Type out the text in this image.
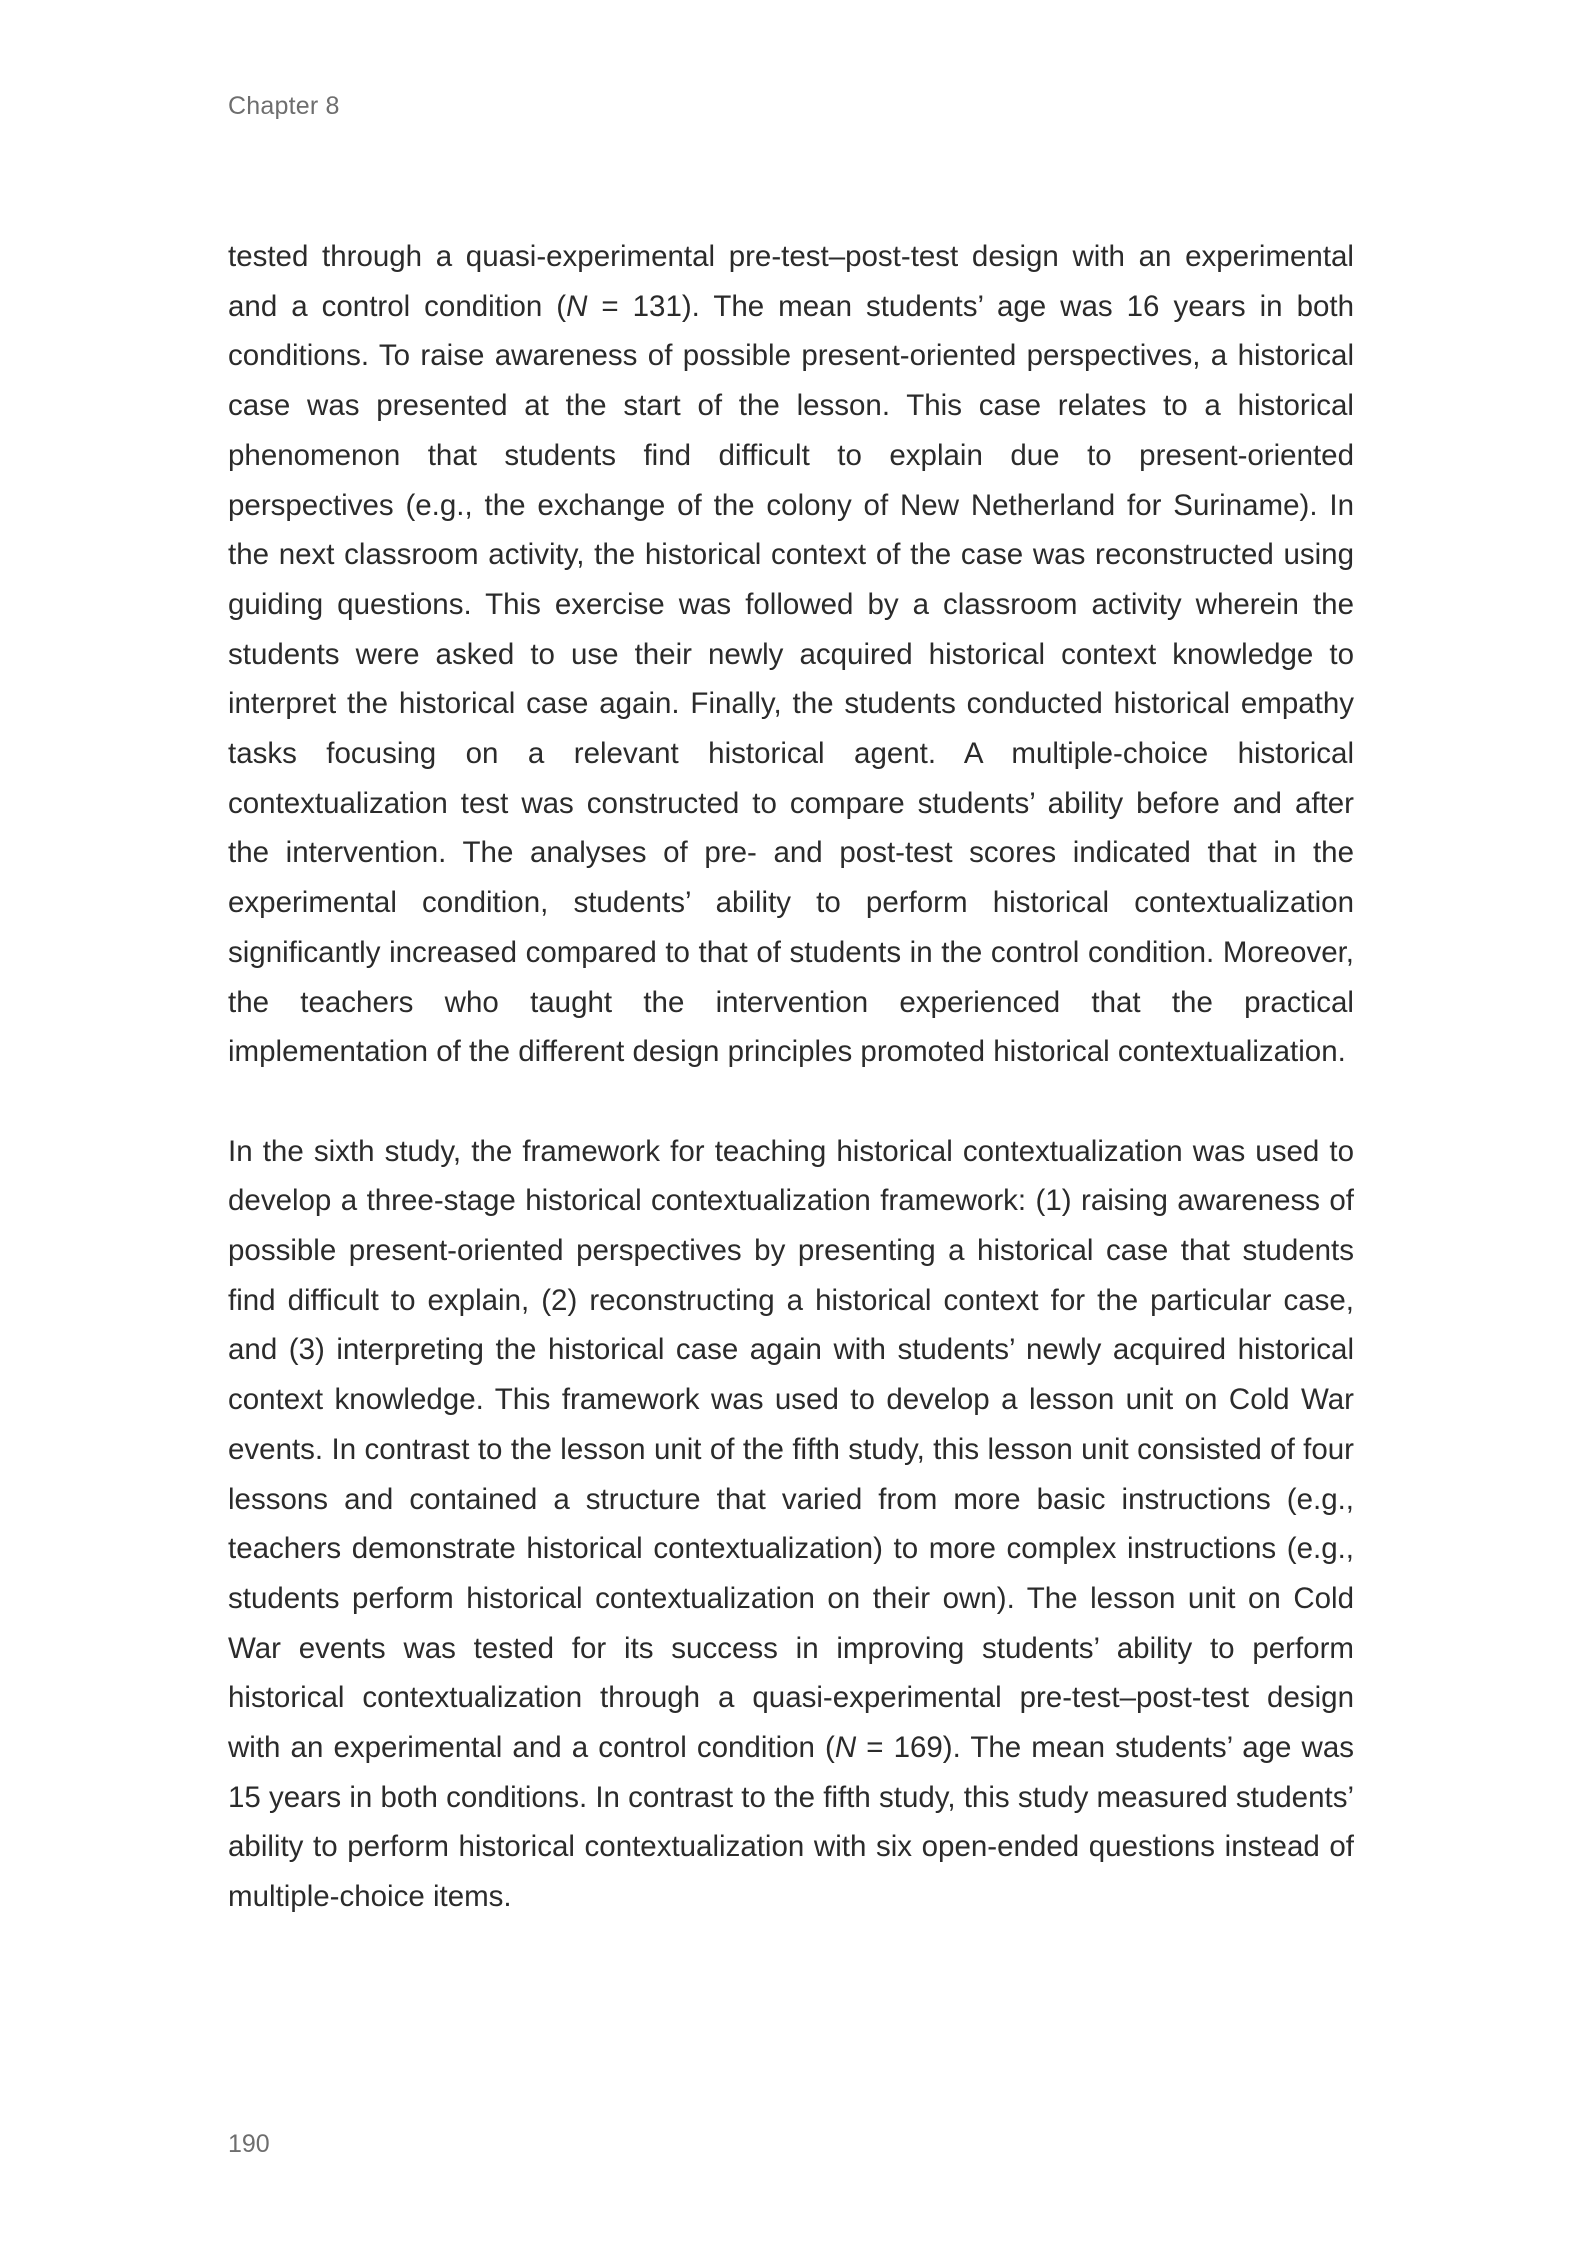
Chapter 8

tested through a quasi-experimental pre-test–post-test design with an experimental and a control condition (N = 131). The mean students’ age was 16 years in both conditions. To raise awareness of possible present-oriented perspectives, a historical case was presented at the start of the lesson. This case relates to a historical phenomenon that students find difficult to explain due to present-oriented perspectives (e.g., the exchange of the colony of New Netherland for Suriname). In the next classroom activity, the historical context of the case was reconstructed using guiding questions. This exercise was followed by a classroom activity wherein the students were asked to use their newly acquired historical context knowledge to interpret the historical case again. Finally, the students conducted historical empathy tasks focusing on a relevant historical agent. A multiple-choice historical contextualization test was constructed to compare students’ ability before and after the intervention. The analyses of pre- and post-test scores indicated that in the experimental condition, students’ ability to perform historical contextualization significantly increased compared to that of students in the control condition. Moreover, the teachers who taught the intervention experienced that the practical implementation of the different design principles promoted historical contextualization.

In the sixth study, the framework for teaching historical contextualization was used to develop a three-stage historical contextualization framework: (1) raising awareness of possible present-oriented perspectives by presenting a historical case that students find difficult to explain, (2) reconstructing a historical context for the particular case, and (3) interpreting the historical case again with students’ newly acquired historical context knowledge. This framework was used to develop a lesson unit on Cold War events. In contrast to the lesson unit of the fifth study, this lesson unit consisted of four lessons and contained a structure that varied from more basic instructions (e.g., teachers demonstrate historical contextualization) to more complex instructions (e.g., students perform historical contextualization on their own). The lesson unit on Cold War events was tested for its success in improving students’ ability to perform historical contextualization through a quasi-experimental pre-test–post-test design with an experimental and a control condition (N = 169). The mean students’ age was 15 years in both conditions. In contrast to the fifth study, this study measured students’ ability to perform historical contextualization with six open-ended questions instead of multiple-choice items.

190
